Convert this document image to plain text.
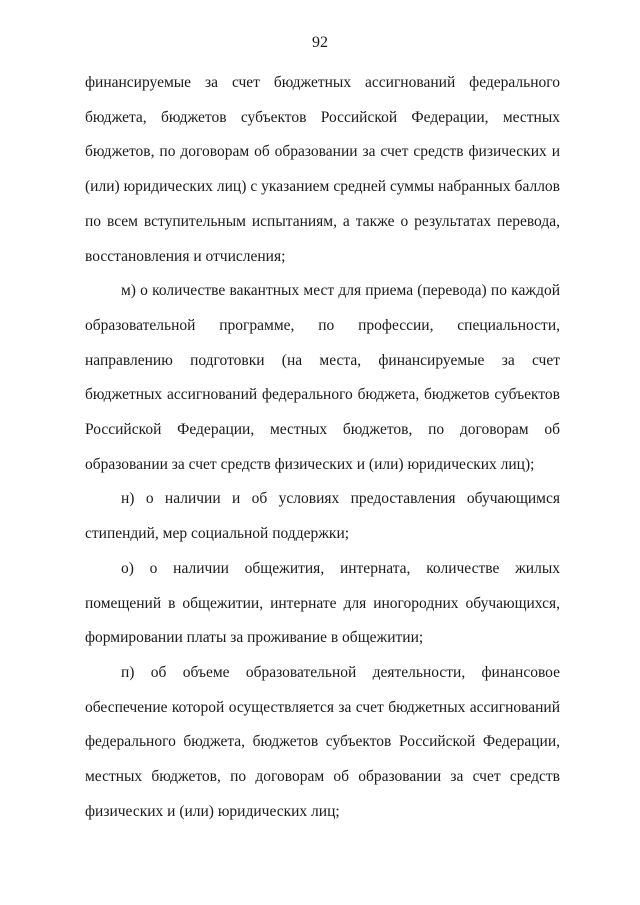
92

финансируемые за счет бюджетных ассигнований федерального бюджета, бюджетов субъектов Российской Федерации, местных бюджетов, по договорам об образовании за счет средств физических и (или) юридических лиц) с указанием средней суммы набранных баллов по всем вступительным испытаниям, а также о результатах перевода, восстановления и отчисления;

м) о количестве вакантных мест для приема (перевода) по каждой образовательной программе, по профессии, специальности, направлению подготовки (на места, финансируемые за счет бюджетных ассигнований федерального бюджета, бюджетов субъектов Российской Федерации, местных бюджетов, по договорам об образовании за счет средств физических и (или) юридических лиц);

н) о наличии и об условиях предоставления обучающимся стипендий, мер социальной поддержки;

о) о наличии общежития, интерната, количестве жилых помещений в общежитии, интернате для иногородних обучающихся, формировании платы за проживание в общежитии;

п) об объеме образовательной деятельности, финансовое обеспечение которой осуществляется за счет бюджетных ассигнований федерального бюджета, бюджетов субъектов Российской Федерации, местных бюджетов, по договорам об образовании за счет средств физических и (или) юридических лиц;
